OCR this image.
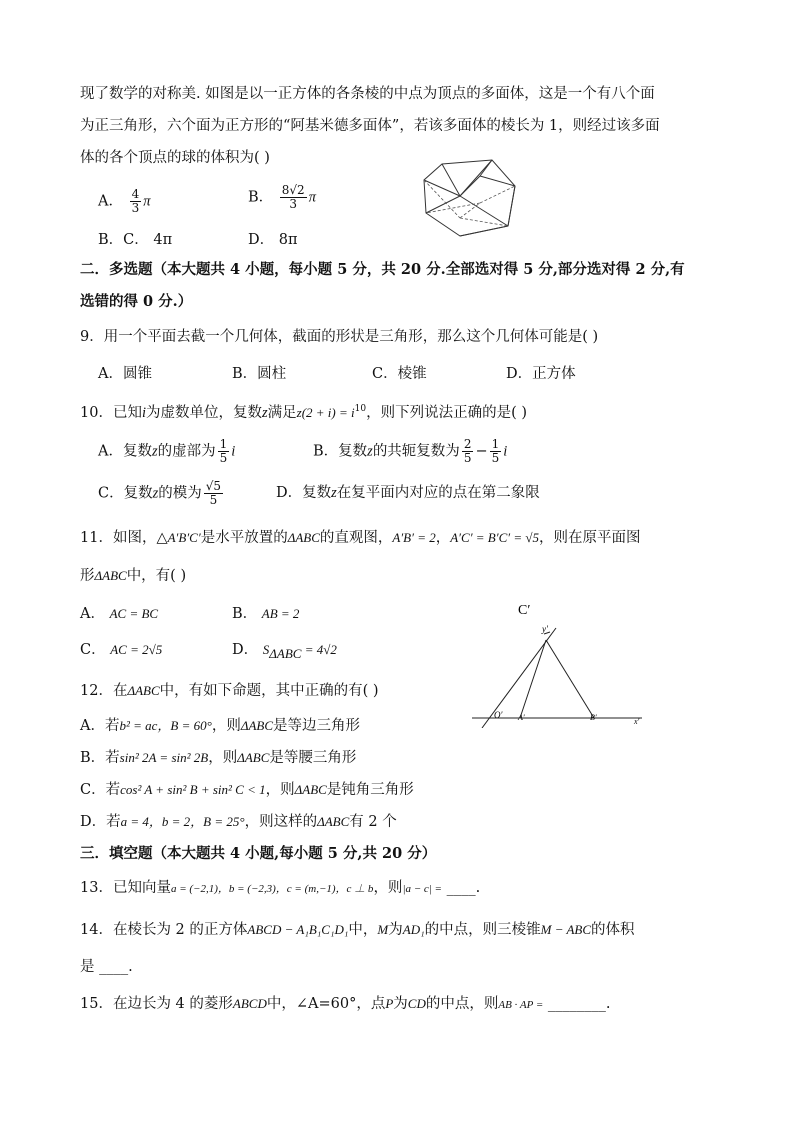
现了数学的对称美. 如图是以一正方体的各条棱的中点为顶点的多面体，这是一个有八个面
为正三角形，六个面为正方形的“阿基米德多面体”，若该多面体的棱长为 1，则经过该多面
体的各个顶点的球的体积为( )
A． $\frac{4}{3}$ π	B． $\frac{8√2}{3}$ π
B．C． 4π	D． 8π
二．多选题（本大题共 4 小题，每小题 5 分，共 20 分.全部选对得 5 分,部分选对得 2 分,有
选错的得 0 分.）
9．用一个平面去截一个几何体，截面的形状是三角形，那么这个几何体可能是( )
A．圆锥	B．圆柱	C．棱锥	D．正方体
10．已知i为虚数单位，复数z满足$z(2 + i) = i^{10}$，则下列说法正确的是( )
A．复数z的虚部为 $\frac{1}{5}$ i	B．复数z的共轭复数为 $\frac{2}{5} - \frac{1}{5}$ i
C．复数z的模为 $\frac{√5}{5}$	D．复数z在复平面内对应的点在第二象限
11．如图，△A′B′C′是水平放置的ΔABC的直观图，A′B′ = 2，A′C′ = B′C′ = √5，则在原平面图
形ΔABC中，有( )
A． AC = BC	B． AB = 2
C． AC = 2√5	D． SΔABC = 4√2
C′
y′
O′ A′	B′	x′
12．在ΔABC中，有如下命题，其中正确的有( )
A．若b² = ac，B = 60°，则ΔABC是等边三角形
B．若sin² 2A = sin² 2B，则ΔABC是等腰三角形
C．若cos² A + sin² B + sin² C < 1，则ΔABC是钝角三角形
D．若a = 4，b = 2，B = 25°，则这样的ΔABC有 2 个
三．填空题（本大题共 4 小题,每小题 5 分,共 20 分）
13．已知向量a = (−2,1)，b = (−2,3)，c = (m,−1)，c ⊥ b，则|a − c| = ____.
14．在棱长为 2 的正方体ABCD − A₁B₁C₁D₁中，M为AD₁的中点，则三棱锥M − ABC的体积
是 ____.
15．在边长为 4 的菱形ABCD中，∠A=60°，点P为CD的中点，则AB · AP = ________.
